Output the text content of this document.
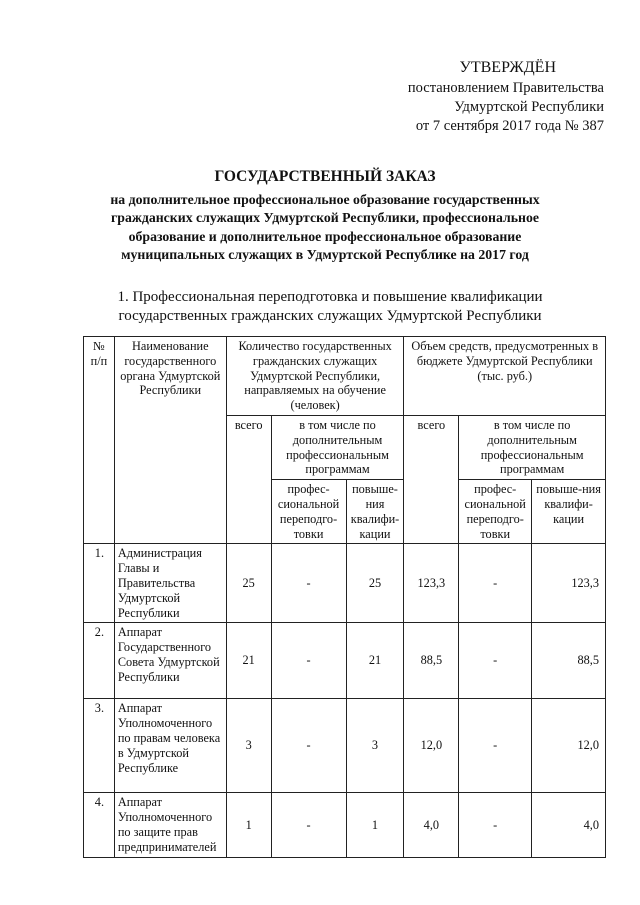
УТВЕРЖДЁН
постановлением Правительства
Удмуртской Республики
от 7 сентября 2017 года № 387
ГОСУДАРСТВЕННЫЙ ЗАКАЗ
на дополнительное профессиональное образование государственных
гражданских служащих Удмуртской Республики, профессиональное
образование и дополнительное профессиональное образование
муниципальных служащих в Удмуртской Республике на 2017 год
1. Профессиональная переподготовка и повышение квалификации
государственных гражданских служащих Удмуртской Республики
№ п/п	Наименование государственного органа Удмуртской Республики	Количество государственных гражданских служащих Удмуртской Республики, направляемых на обучение (человек)			Объем средств, предусмотренных в бюджете Удмуртской Республики (тыс. руб.)		
		всего	в том числе по дополнительным профессиональным программам		всего	в том числе по дополнительным профессиональным программам	
			профес-сиональной переподго-товки	повыше-ния квалифи-кации		профес-сиональной переподго-товки	повыше-ния квалифи-кации
1.	Администрация Главы и Правительства Удмуртской Республики	25	-	25	123,3	-	123,3
2.	Аппарат Государственного Совета Удмуртской Республики	21	-	21	88,5	-	88,5
3.	Аппарат Уполномоченного по правам человека в Удмуртской Республике	3	-	3	12,0	-	12,0
4.	Аппарат Уполномоченного по защите прав предпринимателей	1	-	1	4,0	-	4,0
